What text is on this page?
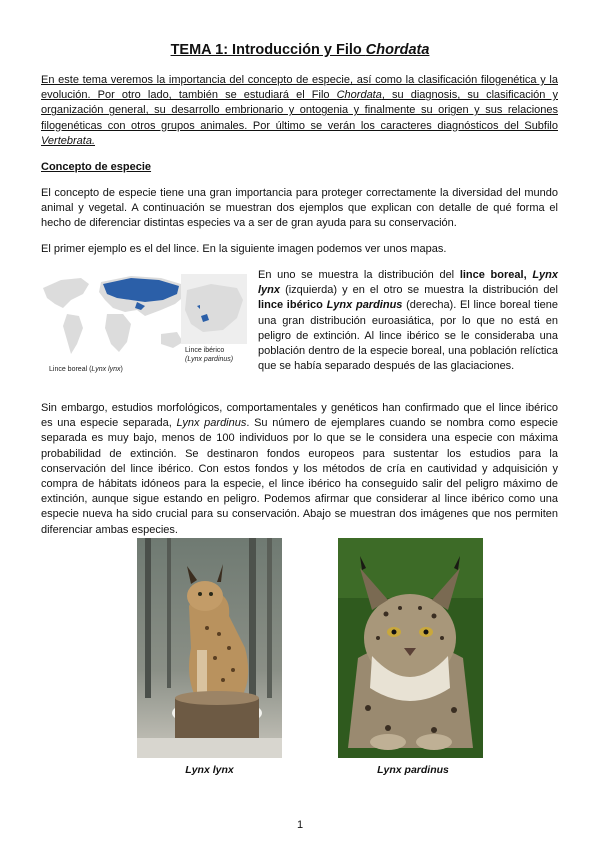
TEMA 1: Introducción y Filo Chordata

En este tema veremos la importancia del concepto de especie, así como la clasificación filogenética y la evolución. Por otro lado, también se estudiará el Filo Chordata, su diagnosis, su clasificación y organización general, su desarrollo embrionario y ontogenia y finalmente su origen y sus relaciones filogenéticas con otros grupos animales. Por último se verán los caracteres diagnósticos del Subfilo Vertebrata.

Concepto de especie

El concepto de especie tiene una gran importancia para proteger correctamente la diversidad del mundo animal y vegetal. A continuación se muestran dos ejemplos que explican con detalle de qué forma el hecho de diferenciar distintas especies va a ser de gran ayuda para su conservación.

El primer ejemplo es el del lince. En la siguiente imagen podemos ver unos mapas.

Lince boreal (Lynx lynx)
Lince ibérico
(Lynx pardinus)

En uno se muestra la distribución del lince boreal, Lynx lynx (izquierda) y en el otro se muestra la distribución del lince ibérico Lynx pardinus (derecha). El lince boreal tiene una gran distribución euroasiática, por lo que no está en peligro de extinción. Al lince ibérico se le consideraba una población dentro de la especie boreal, una población relíctica que se había separado después de las glaciaciones.

Sin embargo, estudios morfológicos, comportamentales y genéticos han confirmado que el lince ibérico es una especie separada, Lynx pardinus. Su número de ejemplares cuando se nombra como especie separada es muy bajo, menos de 100 individuos por lo que se le considera una especie con máxima probabilidad de extinción. Se destinaron fondos europeos para sustentar los estudios para la conservación del lince ibérico. Con estos fondos y los métodos de cría en cautividad y adquisición y compra de hábitats idóneos para la especie, el lince ibérico ha conseguido salir del peligro máximo de extinción, aunque sigue estando en peligro. Podemos afirmar que considerar al lince ibérico como una especie nueva ha sido crucial para su conservación. Abajo se muestran dos imágenes que nos permiten diferenciar ambas especies.

Lynx lynx	Lynx pardinus
1
